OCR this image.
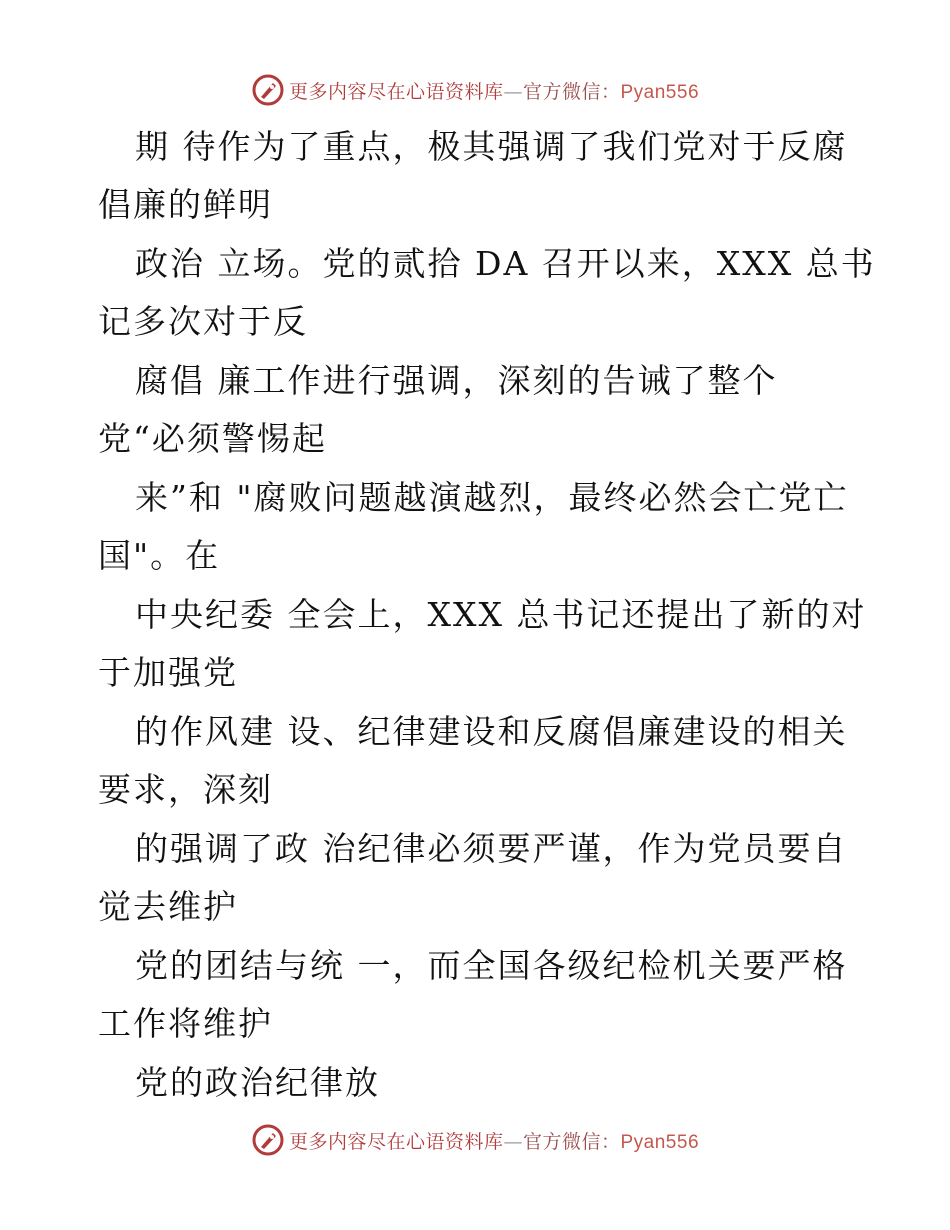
更多内容尽在心语资料库—官方微信：Pyan556
期 待作为了重点，极其强调了我们党对于反腐
倡廉的鲜明
政治 立场。党的贰拾 DA 召开以来，XXX 总书
记多次对于反
腐倡 廉工作进行强调，深刻的告诫了整个
党“必须警惕起
来”和 "腐败问题越演越烈，最终必然会亡党亡
国"。在
中央纪委 全会上，XXX 总书记还提出了新的对
于加强党
的作风建 设、纪律建设和反腐倡廉建设的相关
要求，深刻
的强调了政 治纪律必须要严谨，作为党员要自
觉去维护
党的团结与统 一，而全国各级纪检机关要严格
工作将维护
党的政治纪律放
更多内容尽在心语资料库—官方微信：Pyan556
